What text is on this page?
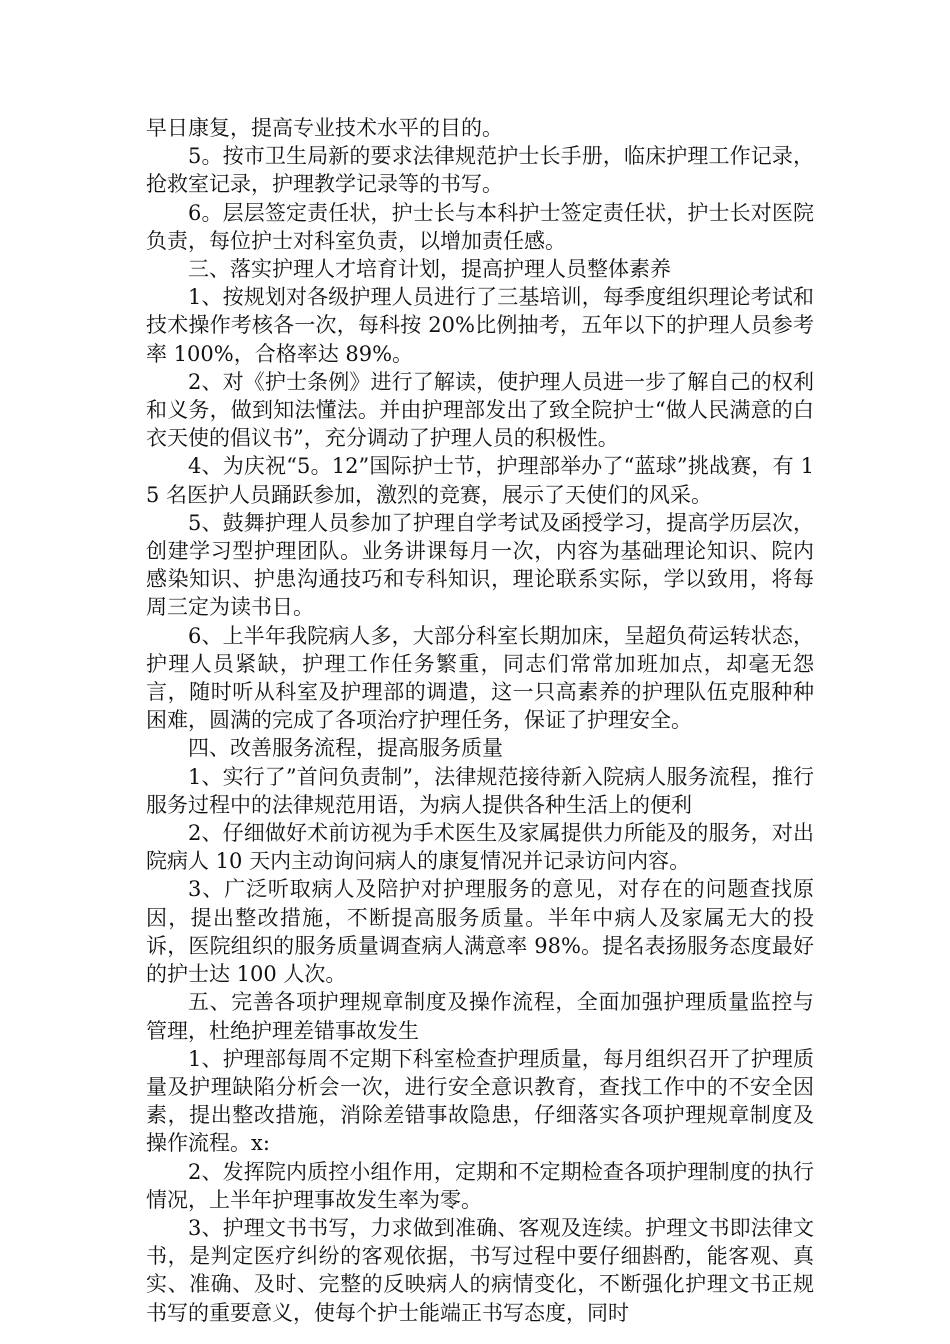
早日康复，提高专业技术水平的目的。

5。按市卫生局新的要求法律规范护士长手册，临床护理工作记录，抢救室记录，护理教学记录等的书写。

6。层层签定责任状，护士长与本科护士签定责任状，护士长对医院负责，每位护士对科室负责，以增加责任感。

三、落实护理人才培育计划，提高护理人员整体素养

1、按规划对各级护理人员进行了三基培训，每季度组织理论考试和技术操作考核各一次，每科按 20%比例抽考，五年以下的护理人员参考率 100%，合格率达 89%。

2、对《护士条例》进行了解读，使护理人员进一步了解自己的权利和义务，做到知法懂法。并由护理部发出了致全院护士“做人民满意的白衣天使的倡议书”，充分调动了护理人员的积极性。

4、为庆祝“5。12”国际护士节，护理部举办了“蓝球”挑战赛，有 15 名医护人员踊跃参加，激烈的竞赛，展示了天使们的风采。

5、鼓舞护理人员参加了护理自学考试及函授学习，提高学历层次，创建学习型护理团队。业务讲课每月一次，内容为基础理论知识、院内感染知识、护患沟通技巧和专科知识，理论联系实际，学以致用，将每周三定为读书日。

6、上半年我院病人多，大部分科室长期加床，呈超负荷运转状态，护理人员紧缺，护理工作任务繁重，同志们常常加班加点，却毫无怨言，随时听从科室及护理部的调遣，这一只高素养的护理队伍克服种种困难，圆满的完成了各项治疗护理任务，保证了护理安全。

四、改善服务流程，提高服务质量

1、实行了”首问负责制”，法律规范接待新入院病人服务流程，推行服务过程中的法律规范用语，为病人提供各种生活上的便利

2、仔细做好术前访视为手术医生及家属提供力所能及的服务，对出院病人 10 天内主动询问病人的康复情况并记录访问内容。

3、广泛听取病人及陪护对护理服务的意见，对存在的问题查找原因，提出整改措施，不断提高服务质量。半年中病人及家属无大的投诉，医院组织的服务质量调查病人满意率 98%。提名表扬服务态度最好的护士达 100 人次。

五、完善各项护理规章制度及操作流程，全面加强护理质量监控与管理，杜绝护理差错事故发生

1、护理部每周不定期下科室检查护理质量，每月组织召开了护理质量及护理缺陷分析会一次，进行安全意识教育，查找工作中的不安全因素，提出整改措施，消除差错事故隐患，仔细落实各项护理规章制度及操作流程。x:

2、发挥院内质控小组作用，定期和不定期检查各项护理制度的执行情况，上半年护理事故发生率为零。

3、护理文书书写，力求做到准确、客观及连续。护理文书即法律文书，是判定医疗纠纷的客观依据，书写过程中要仔细斟酌，能客观、真实、准确、及时、完整的反映病人的病情变化，不断强化护理文书正规书写的重要意义，使每个护士能端正书写态度，同时
